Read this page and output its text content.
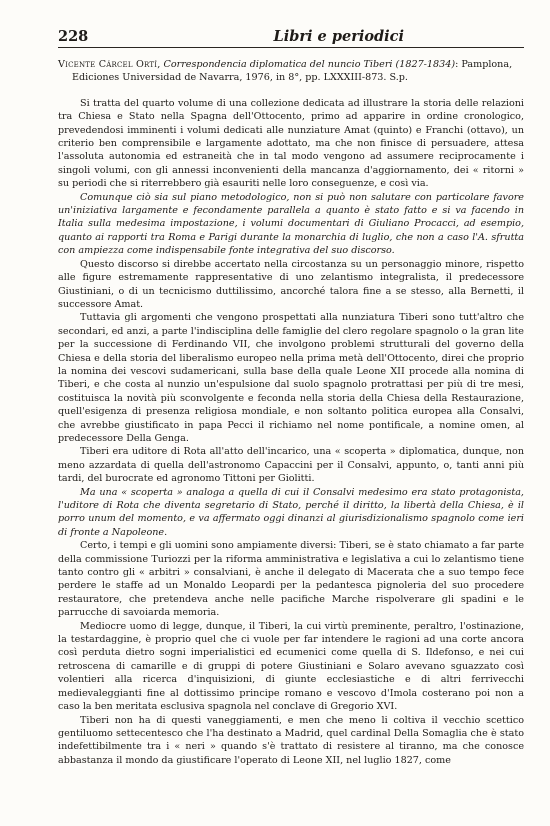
228	Libri e periodici
Vicente Cárcel Ortí, Correspondencia diplomatica del nuncio Tiberi (1827-1834): Pamplona, Ediciones Universidad de Navarra, 1976, in 8°, pp. LXXXIII-873. S.p.

Si tratta del quarto volume di una collezione dedicata ad illustrare la storia delle relazioni tra Chiesa e Stato nella Spagna dell'Ottocento, primo ad apparire in ordine cronologico, prevedendosi imminenti i volumi dedicati alle nunziature Amat (quinto) e Franchi (ottavo), un criterio ben comprensibile e largamente adottato, ma che non finisce di persuadere, attesa l'assoluta autonomia ed estraneità che in tal modo vengono ad assumere reciprocamente i singoli volumi, con gli annessi inconvenienti della mancanza d'aggiornamento, dei « ritorni » su periodi che si riterrebbero già esauriti nelle loro conseguenze, e così via.

Comunque ciò sia sul piano metodologico, non si può non salutare con particolare favore un'iniziativa largamente e fecondamente parallela a quanto è stato fatto e si va facendo in Italia sulla medesima impostazione, i volumi documentari di Giuliano Procacci, ad esempio, quanto ai rapporti tra Roma e Parigi durante la monarchia di luglio, che non a caso l'A. sfrutta con ampiezza come indispensabile fonte integrativa del suo discorso.

Questo discorso si direbbe accertato nella circostanza su un personaggio minore, rispetto alle figure estremamente rappresentative di uno zelantismo integralista, il predecessore Giustiniani, o di un tecnicismo duttilissimo, ancorché talora fine a se stesso, alla Bernetti, il successore Amat.

Tuttavia gli argomenti che vengono prospettati alla nunziatura Tiberi sono tutt'altro che secondari, ed anzi, a parte l'indisciplina delle famiglie del clero regolare spagnolo o la gran lite per la successione di Ferdinando VII, che involgono problemi strutturali del governo della Chiesa e della storia del liberalismo europeo nella prima metà dell'Ottocento, direi che proprio la nomina dei vescovi sudamericani, sulla base della quale Leone XII procede alla nomina di Tiberi, e che costa al nunzio un'espulsione dal suolo spagnolo protrattasi per più di tre mesi, costituisca la novità più sconvolgente e feconda nella storia della Chiesa della Restaurazione, quell'esigenza di presenza religiosa mondiale, e non soltanto politica europea alla Consalvi, che avrebbe giustificato in papa Pecci il richiamo nel nome pontificale, a nomine omen, al predecessore Della Genga.

Tiberi era uditore di Rota all'atto dell'incarico, una « scoperta » diplomatica, dunque, non meno azzardata di quella dell'astronomo Capaccini per il Consalvi, appunto, o, tanti anni più tardi, del burocrate ed agronomo Tittoni per Giolitti.

Ma una « scoperta » analoga a quella di cui il Consalvi medesimo era stato protagonista, l'uditore di Rota che diventa segretario di Stato, perché il diritto, la libertà della Chiesa, è il porro unum del momento, e va affermato oggi dinanzi al giurisdizionalismo spagnolo come ieri di fronte a Napoleone.

Certo, i tempi e gli uomini sono ampiamente diversi: Tiberi, se è stato chiamato a far parte della commissione Turiozzi per la riforma amministrativa e legislativa a cui lo zelantismo tiene tanto contro gli « arbitri » consalviani, è anche il delegato di Macerata che a suo tempo fece perdere le staffe ad un Monaldo Leopardi per la pedantesca pignoleria del suo procedere restauratore, che pretendeva anche nelle pacifiche Marche rispolverare gli spadini e le parrucche di savoiarda memoria.

Mediocre uomo di legge, dunque, il Tiberi, la cui virtù preminente, peraltro, l'ostinazione, la testardaggine, è proprio quel che ci vuole per far intendere le ragioni ad una corte ancora così perduta dietro sogni imperialistici ed ecumenici come quella di S. Ildefonso, e nei cui retroscena di camarille e di gruppi di potere Giustiniani e Solaro avevano sguazzato così volentieri alla ricerca d'inquisizioni, di giunte ecclesiastiche e di altri ferrivecchi medievaleggianti fine al dottissimo principe romano e vescovo d'Imola costerano poi non a caso la ben meritata esclusiva spagnola nel conclave di Gregorio XVI.

Tiberi non ha di questi vaneggiamenti, e men che meno li coltiva il vecchio scettico gentiluomo settecentesco che l'ha destinato a Madrid, quel cardinal Della Somaglia che è stato indefettibilmente tra i « neri » quando s'è trattato di resistere al tiranno, ma che conosce abbastanza il mondo da giustificare l'operato di Leone XII, nel luglio 1827, come
